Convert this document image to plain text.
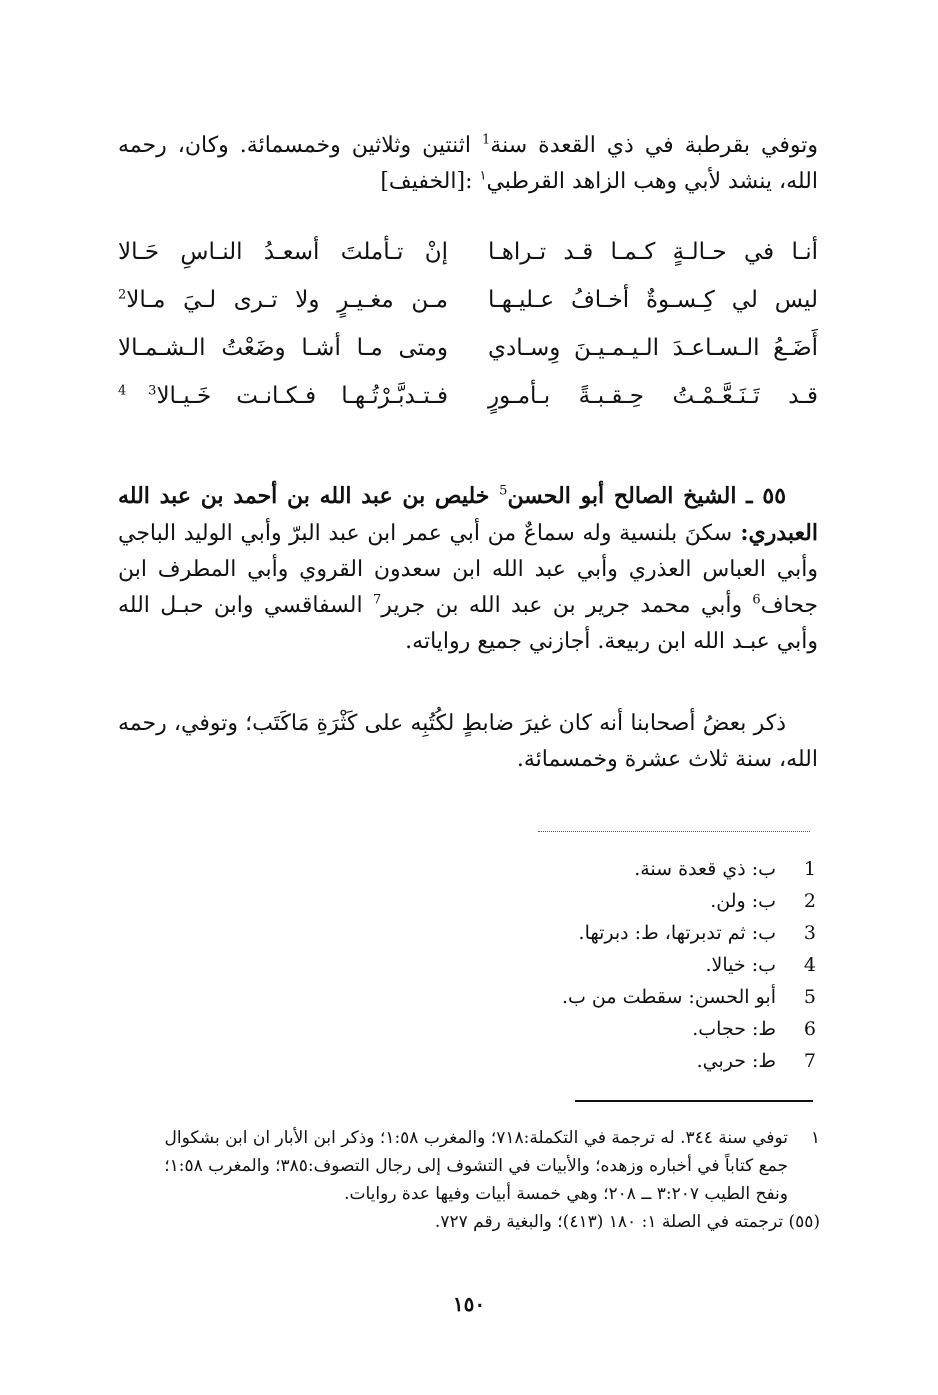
وتوفي بقرطبة في ذي القعدة سنة$^1$ اثنتين وثلاثين وخمسمائة. وكان، رحمه الله، ينشد لأبي وهب الزاهد القرطبي$^١$ :[الخفيف]

أنـا في حـالـةٍ كـمـا قـد تـراهـا
إنْ تـأملتَ أسعـدُ النـاسِ حَـالا
ليس لي كِـسـوةٌ أخـافُ عـليـهـا
مـن مغـيـرٍ ولا تـرى لـيَ مـالا$^2$
أَضَـعُ الـسـاعـدَ الـيـمـيـنَ وِسـادي
ومتى مـا أشـا وضَعْتُ الـشـمـالا
قـد تَـنَـعَّـمْـتُ حِـقـبـةً بـأمـورٍ
فـتـدبَّـرْتُـهـا فـكـانـت خَـيـالا$^{3 4}$

٥٥ ـ الشيخ الصالح أبو الحسن$^5$ خليص بن عبد الله بن أحمد بن عبد الله العبدري: سكنَ بلنسية وله سماعٌ من أبي عمر ابن عبد البرّ وأبي الوليد الباجي وأبي العباس العذري وأبي عبد الله ابن سعدون القروي وأبي المطرف ابن جحاف$^6$ وأبي محمد جرير بن عبد الله بن جرير$^7$ السفاقسي وابن حبـل الله وأبي عبـد الله ابن ربيعة. أجازني جميع رواياته.

ذكر بعضُ أصحابنا أنه كان غيرَ ضابطٍ لكُتُبِه على كَثْرَةِ مَاكَتَب؛ وتوفي، رحمه الله، سنة ثلاث عشرة وخمسمائة.

1
ب: ذي قعدة سنة.
2
ب: ولن.
3
ب: ثم تدبرتها، ط: دبرتها.
4
ب: خيالا.
5
أبو الحسن: سقطت من ب.
6
ط: حجاب.
7
ط: حربي.
١
توفي سنة ٣٤٤. له ترجمة في التكملة:٧١٨؛ والمغرب ١:٥٨؛ وذكر ابن الأبار ان ابن بشكوال
جمع كتاباً في أخباره وزهده؛ والأبيات في التشوف إلى رجال التصوف:٣٨٥؛ والمغرب ١:٥٨؛
ونفح الطيب ٣:٢٠٧ ــ ٢٠٨؛ وهي خمسة أبيات وفيها عدة روايات.
(٥٥) ترجمته في الصلة ١: ١٨٠ (٤١٣)؛ والبغية رقم ٧٢٧.
١٥٠
